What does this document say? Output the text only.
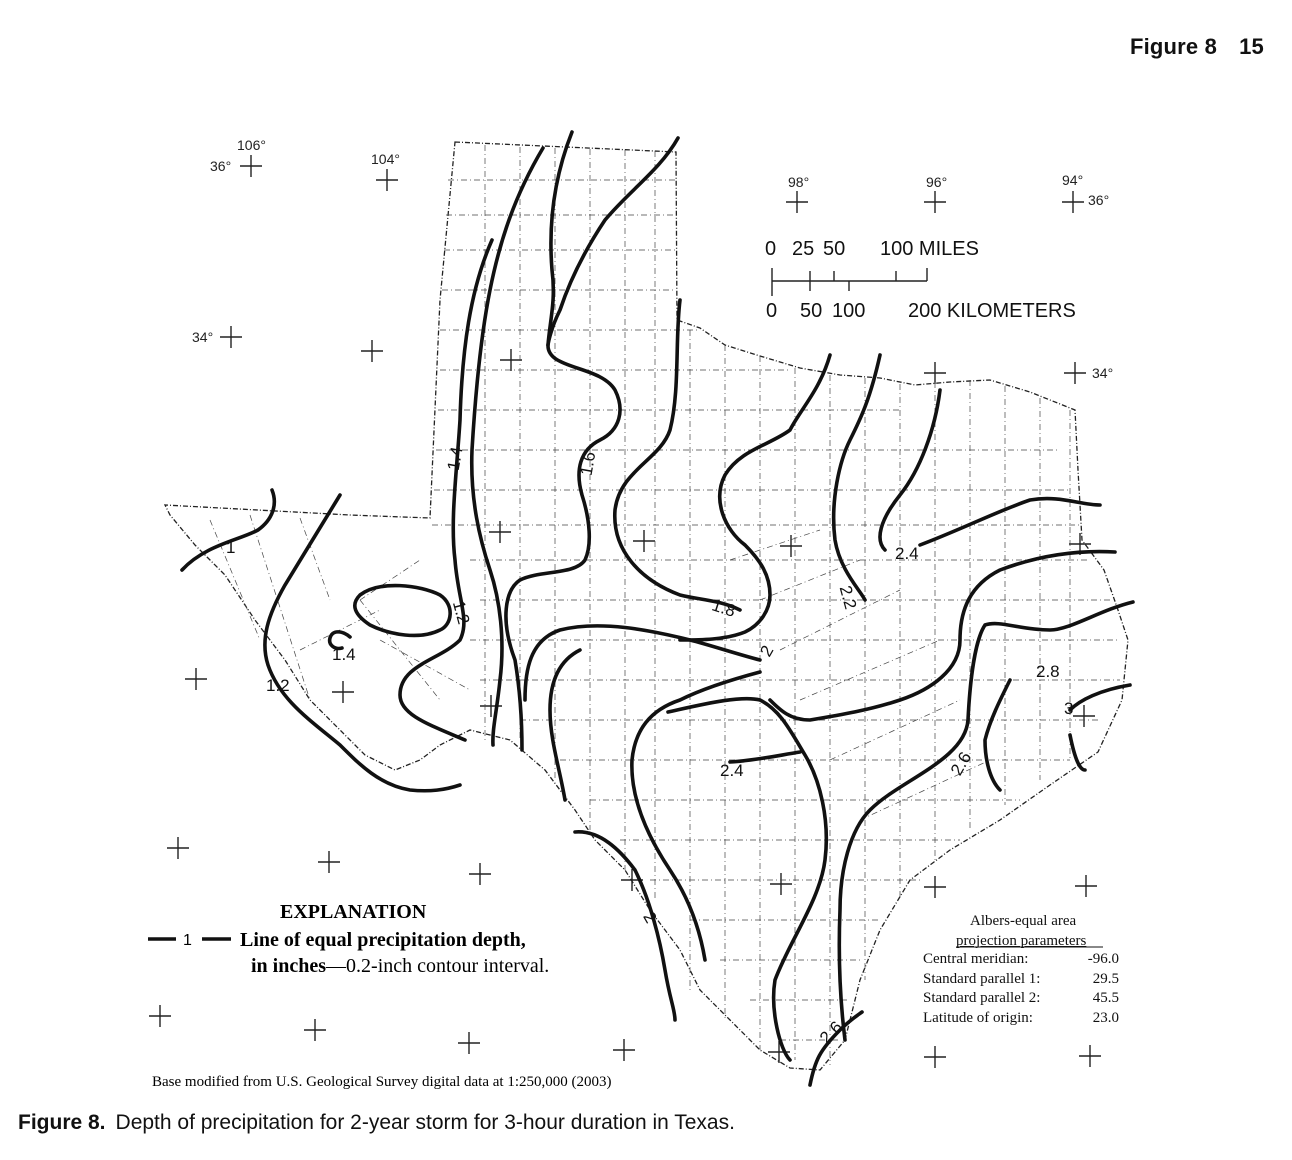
Figure 8 15
106°
36°	104°
34°
98°	96°	94°
36°
34°
0 25 50 100 MILES
0 50 100 200 KILOMETERS
1
1.2
1.4
1.2
1.4	1.6
1.8
2
2.2
2.4
2.4	2.6
2.8
3
2
2.6
EXPLANATION
1 Line of equal precipitation depth,
in inches—0.2-inch contour interval.
Albers-equal area
projection parameters
Central meridian:	-96.0
Standard parallel 1:	29.5
Standard parallel 2:	45.5
Latitude of origin:	23.0
Base modified from U.S. Geological Survey digital data at 1:250,000 (2003)
Figure 8. Depth of precipitation for 2-year storm for 3-hour duration in Texas.
